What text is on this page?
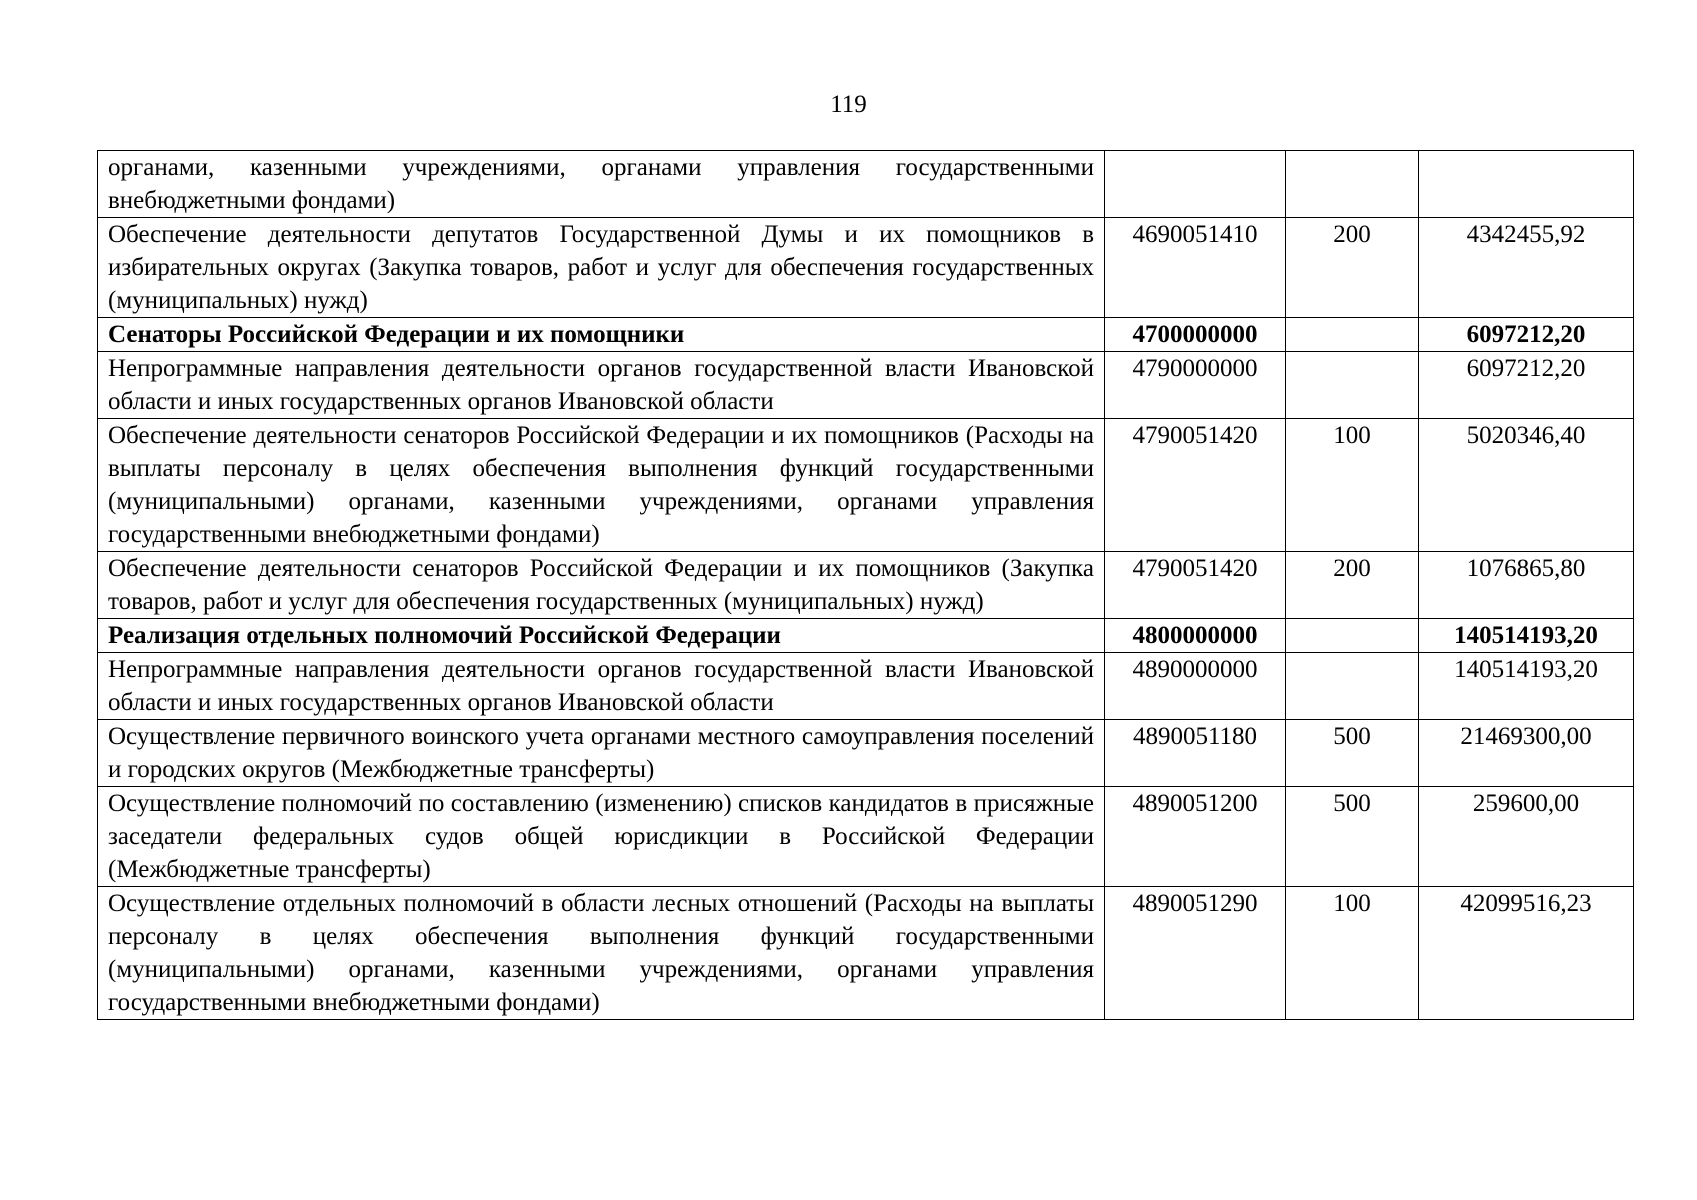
119
органами, казенными учреждениями, органами управления государственными внебюджетными фондами)			
Обеспечение деятельности депутатов Государственной Думы и их помощников в избирательных округах (Закупка товаров, работ и услуг для обеспечения государственных (муниципальных) нужд)	4690051410	200	4342455,92
Сенаторы Российской Федерации и их помощники	4700000000		6097212,20
Непрограммные направления деятельности органов государственной власти Ивановской области и иных государственных органов Ивановской области	4790000000		6097212,20
Обеспечение деятельности сенаторов Российской Федерации и их помощников (Расходы на выплаты персоналу в целях обеспечения выполнения функций государственными (муниципальными) органами, казенными учреждениями, органами управления государственными внебюджетными фондами)	4790051420	100	5020346,40
Обеспечение деятельности сенаторов Российской Федерации и их помощников (Закупка товаров, работ и услуг для обеспечения государственных (муниципальных) нужд)	4790051420	200	1076865,80
Реализация отдельных полномочий Российской Федерации	4800000000		140514193,20
Непрограммные направления деятельности органов государственной власти Ивановской области и иных государственных органов Ивановской области	4890000000		140514193,20
Осуществление первичного воинского учета органами местного самоуправления поселений и городских округов (Межбюджетные трансферты)	4890051180	500	21469300,00
Осуществление полномочий по составлению (изменению) списков кандидатов в присяжные заседатели федеральных судов общей юрисдикции в Российской Федерации (Межбюджетные трансферты)	4890051200	500	259600,00
Осуществление отдельных полномочий в области лесных отношений (Расходы на выплаты персоналу в целях обеспечения выполнения функций государственными (муниципальными) органами, казенными учреждениями, органами управления государственными внебюджетными фондами)	4890051290	100	42099516,23
